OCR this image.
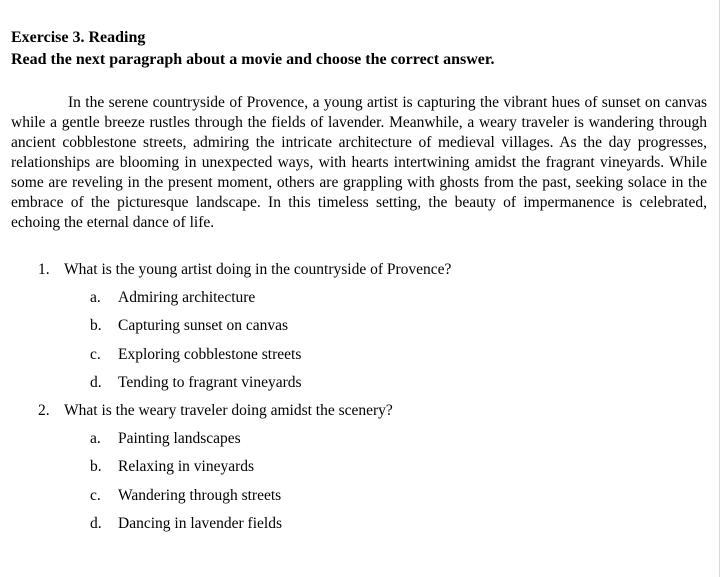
Exercise 3. Reading
Read the next paragraph about a movie and choose the correct answer.

In the serene countryside of Provence, a young artist is capturing the vibrant hues of sunset on canvas while a gentle breeze rustles through the fields of lavender. Meanwhile, a weary traveler is wandering through ancient cobblestone streets, admiring the intricate architecture of medieval villages. As the day progresses, relationships are blooming in unexpected ways, with hearts intertwining amidst the fragrant vineyards. While some are reveling in the present moment, others are grappling with ghosts from the past, seeking solace in the embrace of the picturesque landscape. In this timeless setting, the beauty of impermanence is celebrated, echoing the eternal dance of life.

1. What is the young artist doing in the countryside of Provence?
a. Admiring architecture
b. Capturing sunset on canvas
c. Exploring cobblestone streets
d. Tending to fragrant vineyards
2. What is the weary traveler doing amidst the scenery?
a. Painting landscapes
b. Relaxing in vineyards
c. Wandering through streets
d. Dancing in lavender fields
